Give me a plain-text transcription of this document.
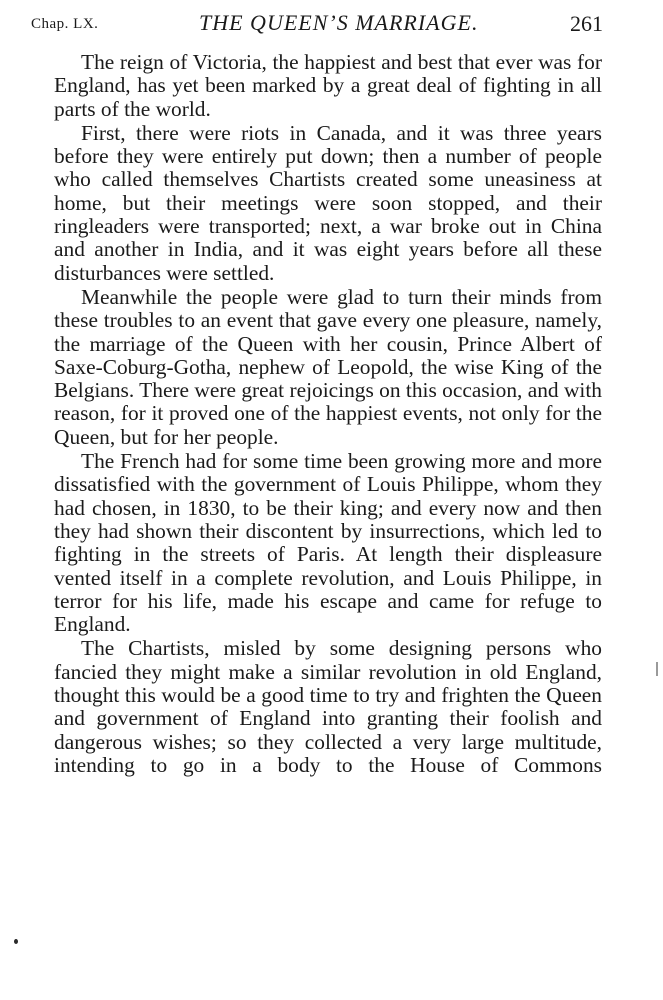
Chap. LX.	THE QUEEN’S MARRIAGE.	261

The reign of Victoria, the happiest and best that ever was for England, has yet been marked by a great deal of fighting in all parts of the world.

First, there were riots in Canada, and it was three years before they were entirely put down; then a number of people who called themselves Chartists created some uneasiness at home, but their meetings were soon stopped, and their ringleaders were transported; next, a war broke out in China and another in India, and it was eight years before all these disturbances were settled.

Meanwhile the people were glad to turn their minds from these troubles to an event that gave every one pleasure, namely, the marriage of the Queen with her cousin, Prince Albert of Saxe-Coburg-Gotha, nephew of Leopold, the wise King of the Belgians. There were great rejoicings on this occasion, and with reason, for it proved one of the happiest events, not only for the Queen, but for her people.

The French had for some time been growing more and more dissatisfied with the government of Louis Philippe, whom they had chosen, in 1830, to be their king; and every now and then they had shown their discontent by insurrections, which led to fighting in the streets of Paris. At length their displeasure vented itself in a complete revolution, and Louis Philippe, in terror for his life, made his escape and came for refuge to England.

The Chartists, misled by some designing persons who fancied they might make a similar revolution in old England, thought this would be a good time to try and frighten the Queen and government of England into granting their foolish and dangerous wishes; so they collected a very large multitude, intending to go in a body to the House of Commons
